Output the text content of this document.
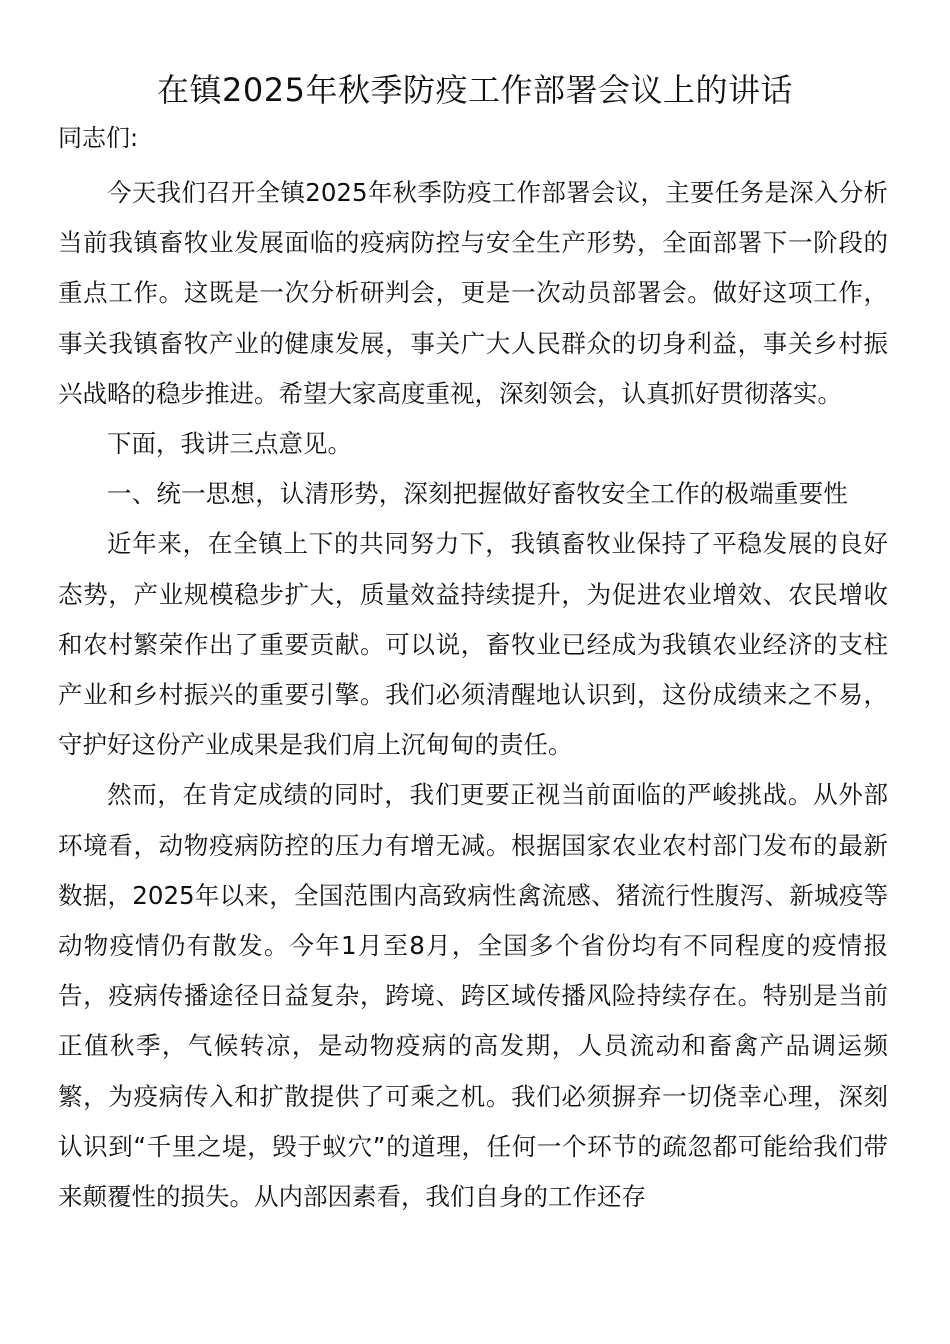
在镇2025年秋季防疫工作部署会议上的讲话

同志们:

今天我们召开全镇2025年秋季防疫工作部署会议，主要任务是深入分析当前我镇畜牧业发展面临的疫病防控与安全生产形势，全面部署下一阶段的重点工作。这既是一次分析研判会，更是一次动员部署会。做好这项工作，事关我镇畜牧产业的健康发展，事关广大人民群众的切身利益，事关乡村振兴战略的稳步推进。希望大家高度重视，深刻领会，认真抓好贯彻落实。

下面，我讲三点意见。

一、统一思想，认清形势，深刻把握做好畜牧安全工作的极端重要性

近年来，在全镇上下的共同努力下，我镇畜牧业保持了平稳发展的良好态势，产业规模稳步扩大，质量效益持续提升，为促进农业增效、农民增收和农村繁荣作出了重要贡献。可以说，畜牧业已经成为我镇农业经济的支柱产业和乡村振兴的重要引擎。我们必须清醒地认识到，这份成绩来之不易，守护好这份产业成果是我们肩上沉甸甸的责任。

然而，在肯定成绩的同时，我们更要正视当前面临的严峻挑战。从外部环境看，动物疫病防控的压力有增无减。根据国家农业农村部门发布的最新数据，2025年以来，全国范围内高致病性禽流感、猪流行性腹泻、新城疫等动物疫情仍有散发。今年1月至8月，全国多个省份均有不同程度的疫情报告，疫病传播途径日益复杂，跨境、跨区域传播风险持续存在。特别是当前正值秋季，气候转凉，是动物疫病的高发期，人员流动和畜禽产品调运频繁，为疫病传入和扩散提供了可乘之机。我们必须摒弃一切侥幸心理，深刻认识到“千里之堤，毁于蚁穴”的道理，任何一个环节的疏忽都可能给我们带来颠覆性的损失。从内部因素看，我们自身的工作还存
